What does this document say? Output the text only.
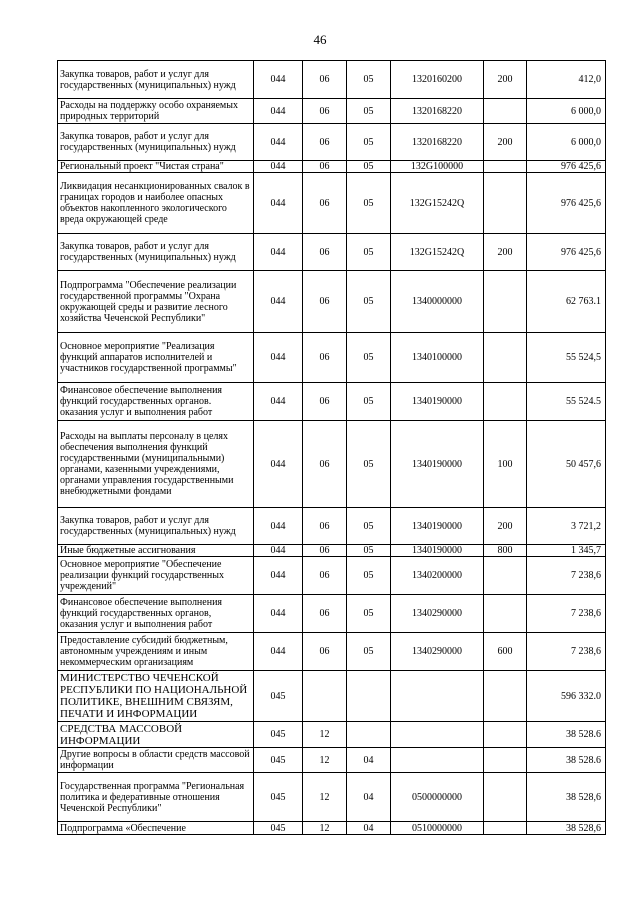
46
Закупка товаров, работ и услуг для государственных (муниципальных) нужд	044	06	05	1320160200	200	412,0
Расходы на поддержку особо охраняемых природных территорий	044	06	05	1320168220		6 000,0
Закупка товаров, работ и услуг для государственных (муниципальных) нужд	044	06	05	1320168220	200	6 000,0
Региональный проект "Чистая страна"	044	06	05	132G100000		976 425,6
Ликвидация несанкционированных свалок в границах городов и наиболее опасных объектов накопленного экологического вреда окружающей среде	044	06	05	132G15242Q		976 425,6
Закупка товаров, работ и услуг для государственных (муниципальных) нужд	044	06	05	132G15242Q	200	976 425,6
Подпрограмма "Обеспечение реализации государственной программы "Охрана окружающей среды и развитие лесного хозяйства Чеченской Республики"	044	06	05	1340000000		62 763.1
Основное мероприятие "Реализация функций аппаратов исполнителей и участников государственной программы"	044	06	05	1340100000		55 524,5
Финансовое обеспечение выполнения функций государственных органов. оказания услуг и выполнения работ	044	06	05	1340190000		55 524.5
Расходы на выплаты персоналу в целях обеспечения выполнения функций государственными (муниципальными) органами, казенными учреждениями, органами управления государственными внебюджетными фондами	044	06	05	1340190000	100	50 457,6
Закупка товаров, работ и услуг для государственных (муниципальных) нужд	044	06	05	1340190000	200	3 721,2
Иные бюджетные ассигнования	044	06	05	1340190000	800	1 345,7
Основное мероприятие "Обеспечение реализации функций государственных учреждений"	044	06	05	1340200000		7 238,6
Финансовое обеспечение выполнения функций государственных органов, оказания услуг и выполнения работ	044	06	05	1340290000		7 238,6
Предоставление субсидий бюджетным, автономным учреждениям и иным некоммерческим организациям	044	06	05	1340290000	600	7 238,6
МИНИСТЕРСТВО ЧЕЧЕНСКОЙ РЕСПУБЛИКИ ПО НАЦИОНАЛЬНОЙ ПОЛИТИКЕ, ВНЕШНИМ СВЯЗЯМ, ПЕЧАТИ И ИНФОРМАЦИИ	045					596 332.0
СРЕДСТВА МАССОВОЙ ИНФОРМАЦИИ	045	12				38 528.6
Другие вопросы в области средств массовой информации	045	12	04			38 528.6
Государственная программа "Региональная политика и федеративные отношения Чеченской Республики"	045	12	04	0500000000		38 528,6
Подпрограмма «Обеспечение	045	12	04	0510000000		38 528,6
